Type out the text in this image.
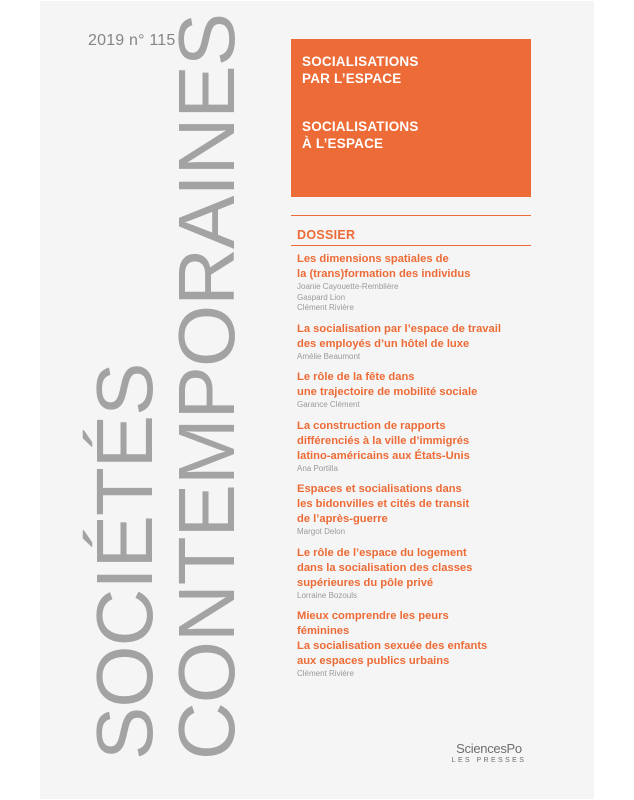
2019 n° 115
SOCIÉTÉS
CONTEMPORAINES	SOCIALISATIONS
PAR L’ESPACE
SOCIALISATIONS
À L’ESPACE
DOSSIER
Les dimensions spatiales de
la (trans)formation des individus
Joanie Cayouette-Remblière
Gaspard Lion
Clément Rivière
La socialisation par l’espace de travail
des employés d’un hôtel de luxe
Amélie Beaumont
Le rôle de la fête dans
une trajectoire de mobilité sociale
Garance Clément
La construction de rapports
différenciés à la ville d’immigrés
latino-américains aux États-Unis
Ana Portilla
Espaces et socialisations dans
les bidonvilles et cités de transit
de l’après-guerre
Margot Delon
Le rôle de l’espace du logement
dans la socialisation des classes
supérieures du pôle privé
Lorraine Bozouls
Mieux comprendre les peurs
féminines
La socialisation sexuée des enfants
aux espaces publics urbains
Clément Rivière
SciencesPo
LES PRESSES
